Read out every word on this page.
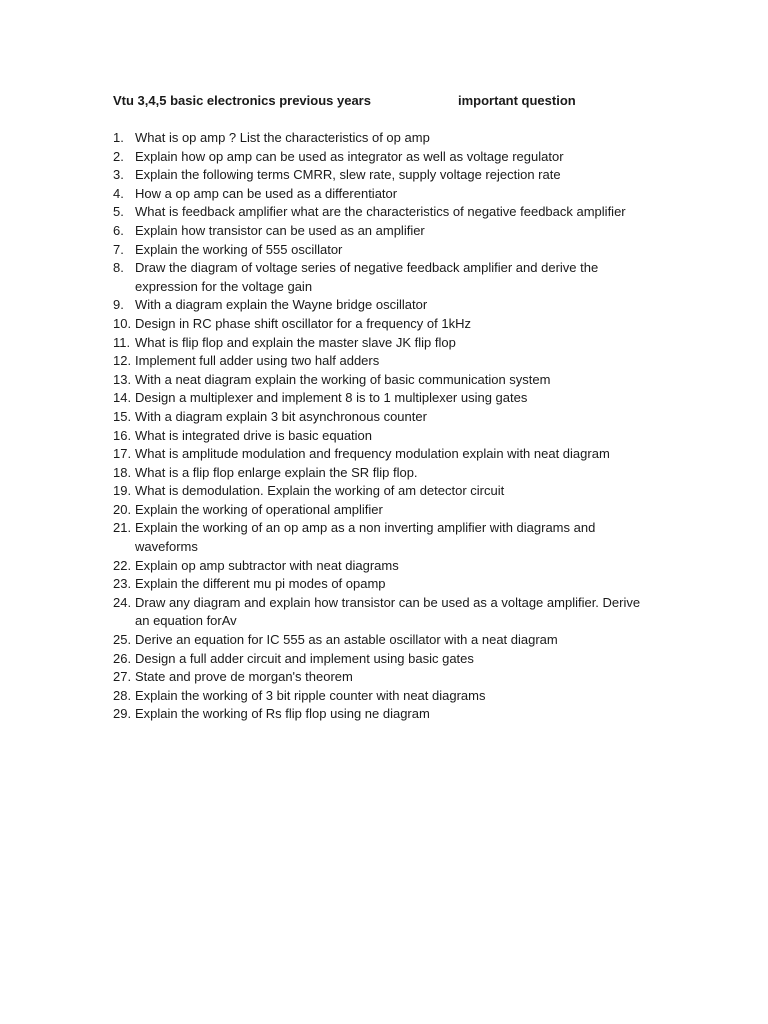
Vtu 3,4,5 basic electronics previous years	important question
1. What is op amp ? List the characteristics of op amp
2. Explain how op amp can be used as integrator as well as voltage regulator
3. Explain the following terms CMRR, slew rate, supply voltage rejection rate
4. How a op amp can be used as a differentiator
5. What is feedback amplifier what are the characteristics of negative feedback amplifier
6. Explain how transistor can be used as an amplifier
7. Explain the working of 555 oscillator
8. Draw the diagram of voltage series of negative feedback amplifier and derive the expression for the voltage gain
9. With a diagram explain the Wayne bridge oscillator
10. Design in RC phase shift oscillator for a frequency of 1kHz
11. What is flip flop and explain the master slave JK flip flop
12. Implement full adder using two half adders
13. With a neat diagram explain the working of basic communication system
14. Design a multiplexer and implement 8 is to 1 multiplexer using gates
15. With a diagram explain 3 bit asynchronous counter
16. What is integrated drive is basic equation
17. What is amplitude modulation and frequency modulation explain with neat diagram
18. What is a flip flop enlarge explain the SR flip flop.
19. What is demodulation. Explain the working of am detector circuit
20. Explain the working of operational amplifier
21. Explain the working of an op amp as a non inverting amplifier with diagrams and waveforms
22. Explain op amp subtractor with neat diagrams
23. Explain the different mu pi modes of opamp
24. Draw any diagram and explain how transistor can be used as a voltage amplifier. Derive an equation forAv
25. Derive an equation for IC 555 as an astable oscillator with a neat diagram
26. Design a full adder circuit and implement using basic gates
27. State and prove de morgan's theorem
28. Explain the working of 3 bit ripple counter with neat diagrams
29. Explain the working of Rs flip flop using ne diagram
